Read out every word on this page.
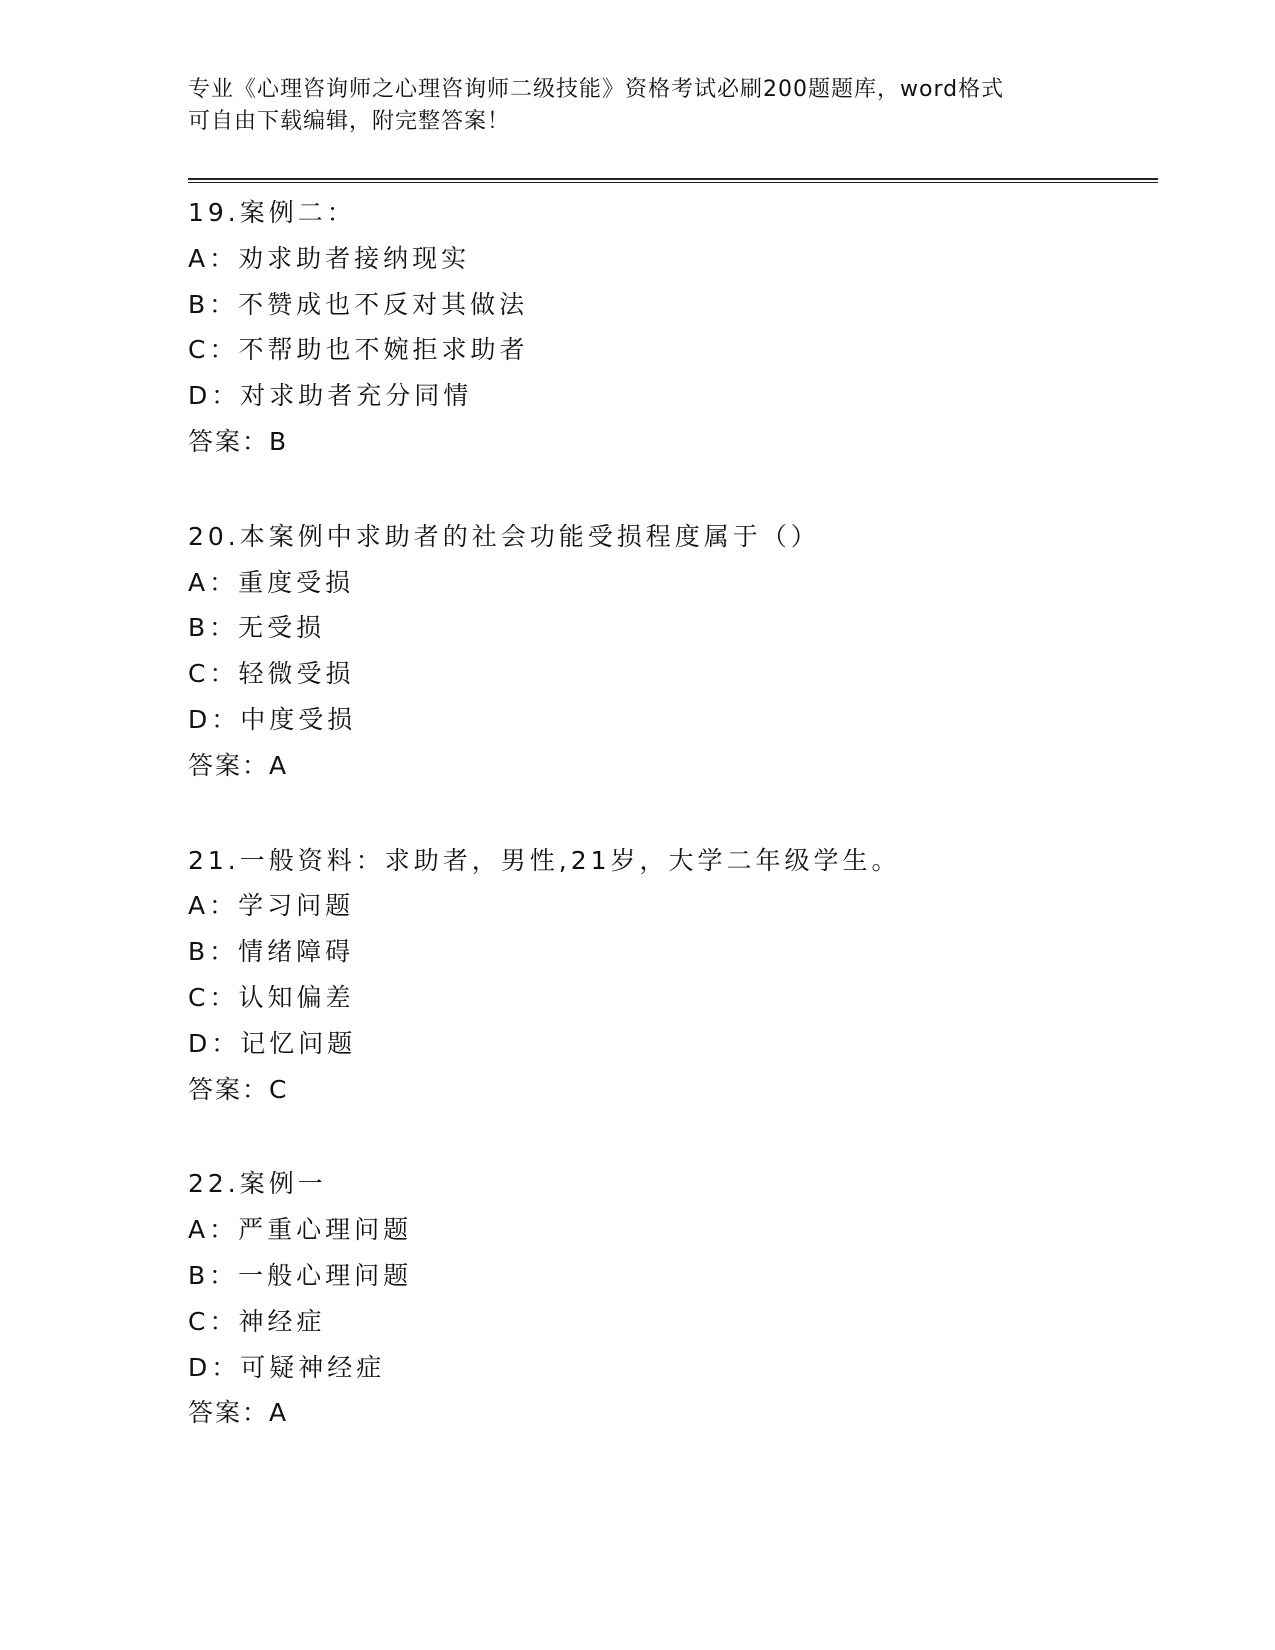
专业《心理咨询师之心理咨询师二级技能》资格考试必刷200题题库，word格式
可自由下载编辑，附完整答案！
19.案例二：
A：劝求助者接纳现实
B：不赞成也不反对其做法
C：不帮助也不婉拒求助者
D：对求助者充分同情
答案：B
20.本案例中求助者的社会功能受损程度属于（）
A：重度受损
B：无受损
C：轻微受损
D：中度受损
答案：A
21.一般资料：求助者，男性,21岁，大学二年级学生。
A：学习问题
B：情绪障碍
C：认知偏差
D：记忆问题
答案：C
22.案例一
A：严重心理问题
B：一般心理问题
C：神经症
D：可疑神经症
答案：A
